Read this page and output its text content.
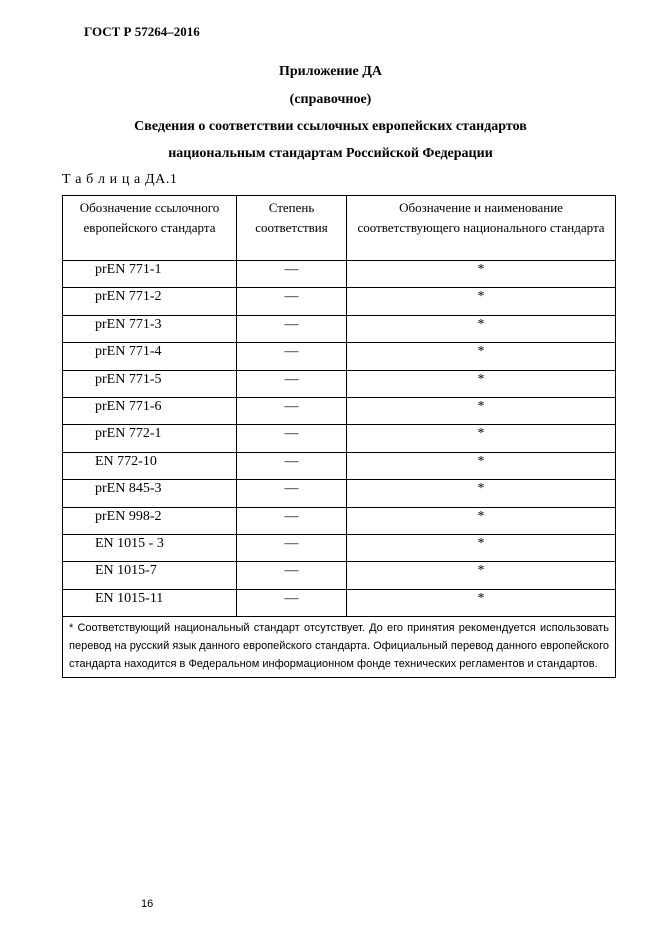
ГОСТ Р 57264–2016
Приложение ДА
(справочное)
Сведения о соответствии ссылочных европейских стандартов
национальным стандартам Российской Федерации
Т а б л и ц а ДА.1
Обозначение ссылочного европейского стандарта	Степень соответствия	Обозначение и наименование соответствующего национального стандарта
prEN 771-1	—	*
prEN 771-2	—	*
prEN 771-3	—	*
prEN 771-4	—	*
prEN 771-5	—	*
prEN 771-6	—	*
prEN 772-1	—	*
EN 772-10	—	*
prEN 845-3	—	*
prEN 998-2	—	*
EN 1015 - 3	—	*
EN 1015-7	—	*
EN 1015-11	—	*
* Соответствующий национальный стандарт отсутствует. До его принятия рекомендуется использовать перевод на русский язык данного европейского стандарта. Официальный перевод данного европейского стандарта находится в Федеральном информационном фонде технических регламентов и стандартов.		
16
